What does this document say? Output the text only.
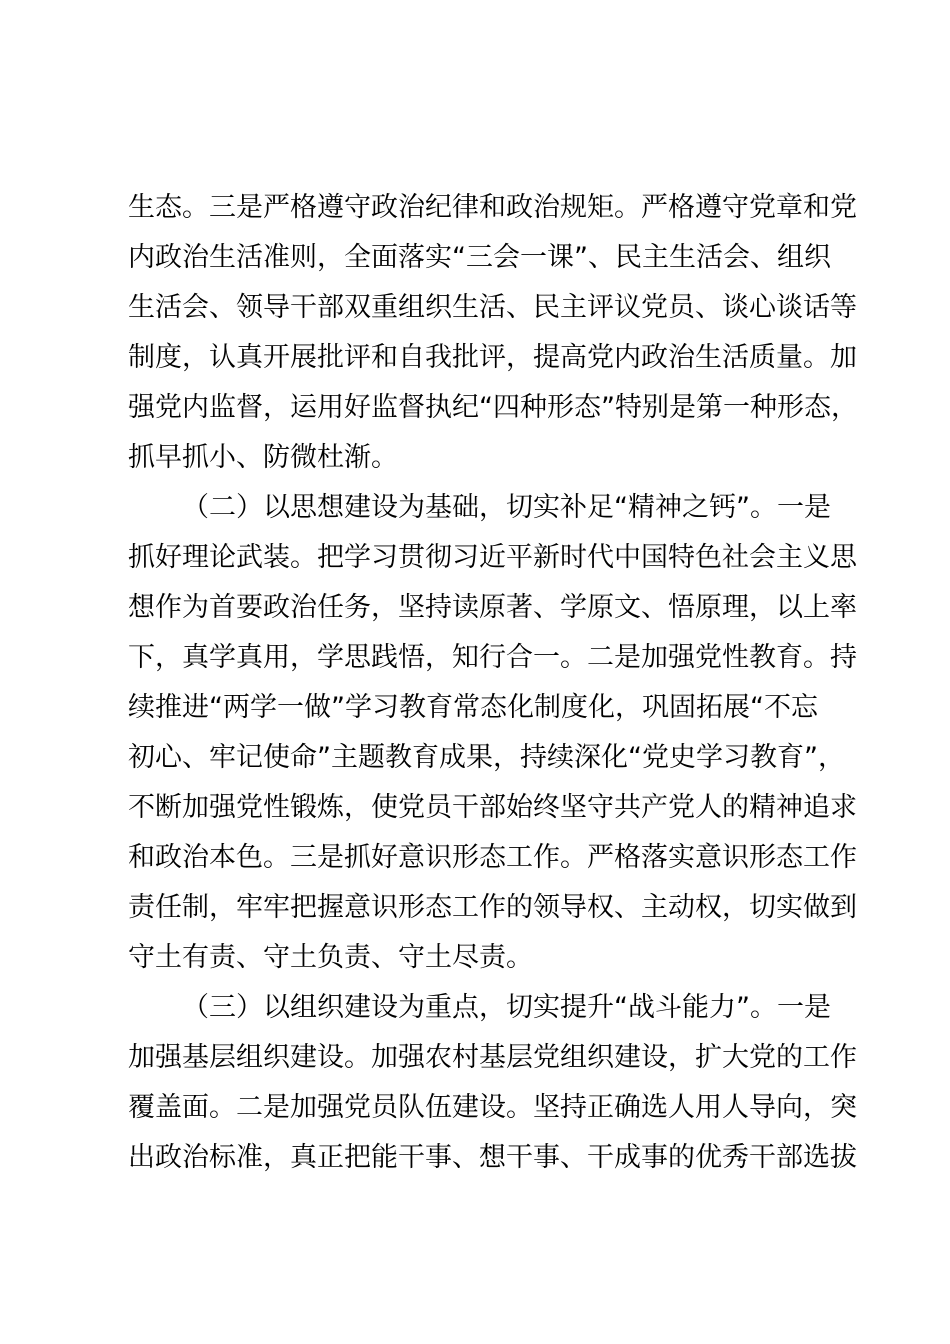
生态。三是严格遵守政治纪律和政治规矩。严格遵守党章和党
内政治生活准则，全面落实“三会一课”、民主生活会、组织
生活会、领导干部双重组织生活、民主评议党员、谈心谈话等
制度，认真开展批评和自我批评，提高党内政治生活质量。加
强党内监督，运用好监督执纪“四种形态”特别是第一种形态，
抓早抓小、防微杜渐。
（二）以思想建设为基础，切实补足“精神之钙”。一是
抓好理论武装。把学习贯彻习近平新时代中国特色社会主义思
想作为首要政治任务，坚持读原著、学原文、悟原理，以上率
下，真学真用，学思践悟，知行合一。二是加强党性教育。持
续推进“两学一做”学习教育常态化制度化，巩固拓展“不忘
初心、牢记使命”主题教育成果，持续深化“党史学习教育”，
不断加强党性锻炼，使党员干部始终坚守共产党人的精神追求
和政治本色。三是抓好意识形态工作。严格落实意识形态工作
责任制，牢牢把握意识形态工作的领导权、主动权，切实做到
守土有责、守土负责、守土尽责。
（三）以组织建设为重点，切实提升“战斗能力”。一是
加强基层组织建设。加强农村基层党组织建设，扩大党的工作
覆盖面。二是加强党员队伍建设。坚持正确选人用人导向，突
出政治标准，真正把能干事、想干事、干成事的优秀干部选拔
